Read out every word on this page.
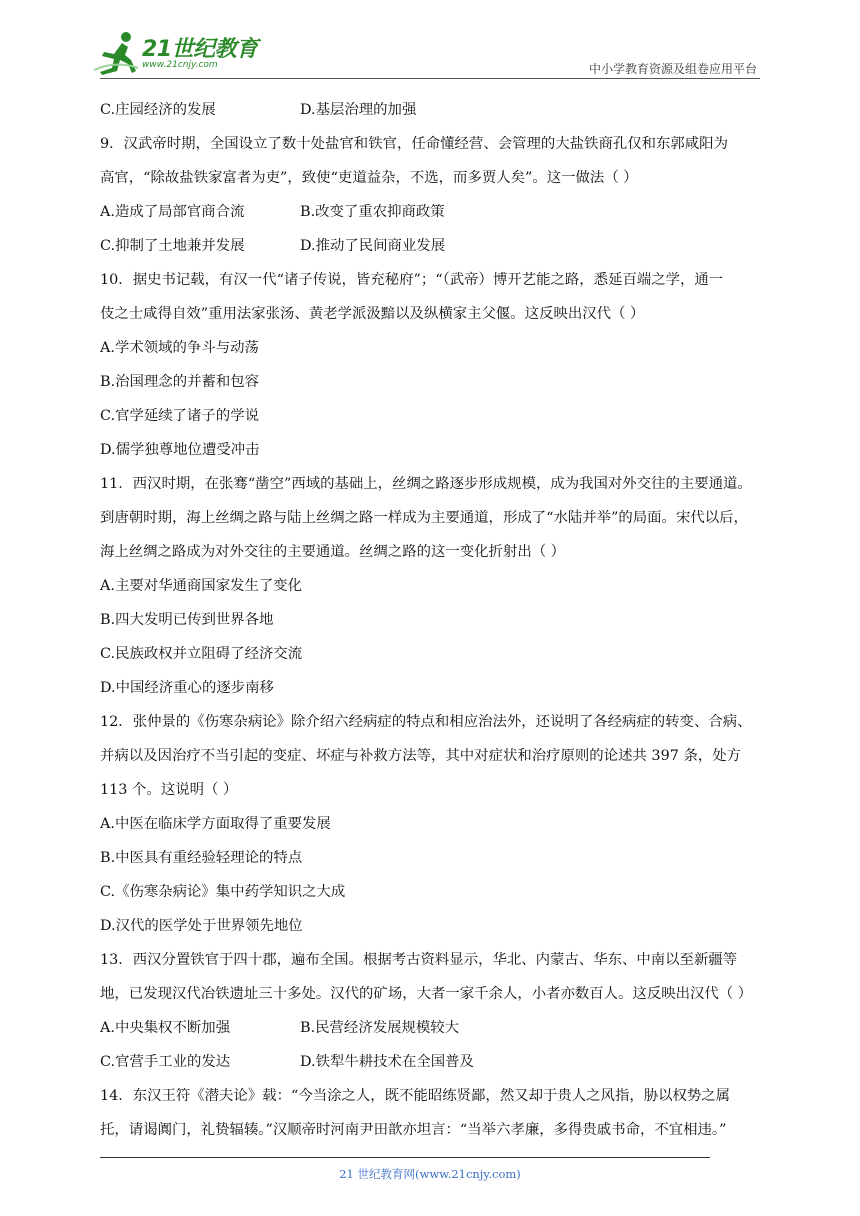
21世纪教育
www.21cnjy.com	中小学教育资源及组卷应用平台
C.庄园经济的发展	D.基层治理的加强
9．汉武帝时期，全国设立了数十处盐官和铁官，任命懂经营、会管理的大盐铁商孔仅和东郭咸阳为
高官，“除故盐铁家富者为吏”，致使“吏道益杂，不选，而多贾人矣”。这一做法（ ）
A.造成了局部官商合流	B.改变了重农抑商政策
C.抑制了土地兼并发展	D.推动了民间商业发展
10．据史书记载，有汉一代“诸子传说，皆充秘府”；“（武帝）博开艺能之路，悉延百端之学，通一
伎之士咸得自效”重用法家张汤、黄老学派汲黯以及纵横家主父偃。这反映出汉代（ ）
A.学术领域的争斗与动荡
B.治国理念的并蓄和包容
C.官学延续了诸子的学说
D.儒学独尊地位遭受冲击
11．西汉时期，在张骞“凿空”西域的基础上，丝绸之路逐步形成规模，成为我国对外交往的主要通道。
到唐朝时期，海上丝绸之路与陆上丝绸之路一样成为主要通道，形成了“水陆并举”的局面。宋代以后，
海上丝绸之路成为对外交往的主要通道。丝绸之路的这一变化折射出（ ）
A.主要对华通商国家发生了变化
B.四大发明已传到世界各地
C.民族政权并立阻碍了经济交流
D.中国经济重心的逐步南移
12．张仲景的《伤寒杂病论》除介绍六经病症的特点和相应治法外，还说明了各经病症的转变、合病、
并病以及因治疗不当引起的变症、坏症与补救方法等，其中对症状和治疗原则的论述共 397 条，处方
113 个。这说明（ ）
A.中医在临床学方面取得了重要发展
B.中医具有重经验轻理论的特点
C.《伤寒杂病论》集中药学知识之大成
D.汉代的医学处于世界领先地位
13．西汉分置铁官于四十郡，遍布全国。根据考古资料显示，华北、内蒙古、华东、中南以至新疆等
地，已发现汉代冶铁遗址三十多处。汉代的矿场，大者一家千余人，小者亦数百人。这反映出汉代（ ）
A.中央集权不断加强	B.民营经济发展规模较大
C.官营手工业的发达	D.铁犁牛耕技术在全国普及
14．东汉王符《潜夫论》载：“今当涂之人，既不能昭练贤鄙，然又却于贵人之风指，胁以权势之属
托，请谒阗门，礼贽辐辏。”汉顺帝时河南尹田歆亦坦言：“当举六孝廉，多得贵戚书命，不宜相违。”
21 世纪教育网(www.21cnjy.com)
